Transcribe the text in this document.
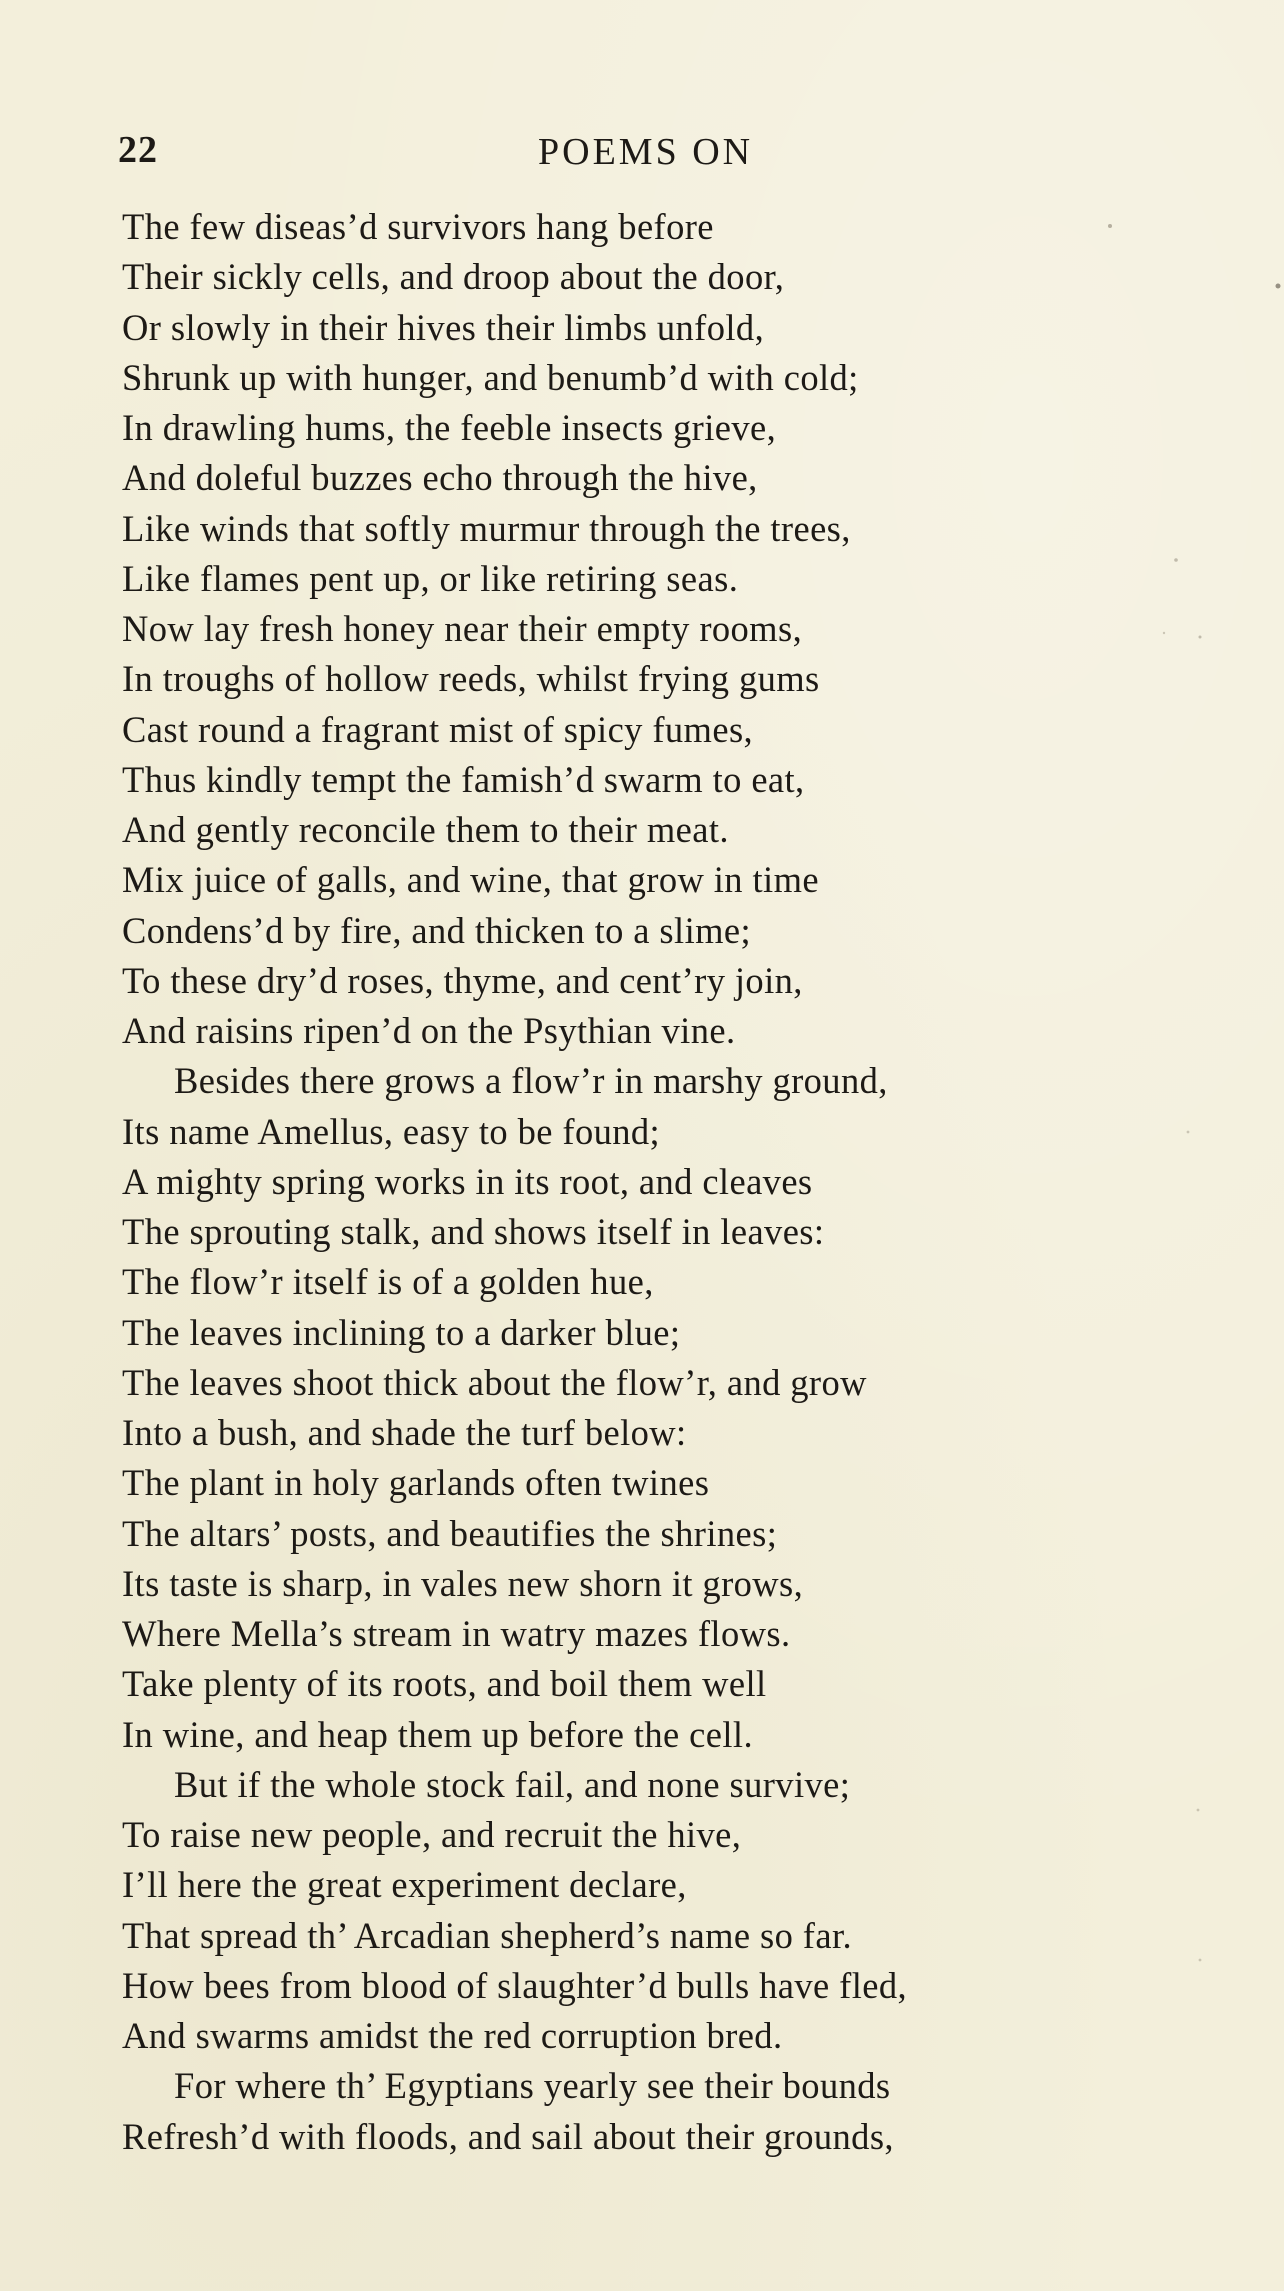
22	POEMS ON
The few diseas’d survivors hang before
Their sickly cells, and droop about the door,
Or slowly in their hives their limbs unfold,
Shrunk up with hunger, and benumb’d with cold;
In drawling hums, the feeble insects grieve,
And doleful buzzes echo through the hive,
Like winds that softly murmur through the trees,
Like flames pent up, or like retiring seas.
Now lay fresh honey near their empty rooms,
In troughs of hollow reeds, whilst frying gums
Cast round a fragrant mist of spicy fumes,
Thus kindly tempt the famish’d swarm to eat,
And gently reconcile them to their meat.
Mix juice of galls, and wine, that grow in time
Condens’d by fire, and thicken to a slime;
To these dry’d roses, thyme, and cent’ry join,
And raisins ripen’d on the Psythian vine.
Besides there grows a flow’r in marshy ground,
Its name Amellus, easy to be found;
A mighty spring works in its root, and cleaves
The sprouting stalk, and shows itself in leaves:
The flow’r itself is of a golden hue,
The leaves inclining to a darker blue;
The leaves shoot thick about the flow’r, and grow
Into a bush, and shade the turf below:
The plant in holy garlands often twines
The altars’ posts, and beautifies the shrines;
Its taste is sharp, in vales new shorn it grows,
Where Mella’s stream in watry mazes flows.
Take plenty of its roots, and boil them well
In wine, and heap them up before the cell.
But if the whole stock fail, and none survive;
To raise new people, and recruit the hive,
I’ll here the great experiment declare,
That spread th’ Arcadian shepherd’s name so far.
How bees from blood of slaughter’d bulls have fled,
And swarms amidst the red corruption bred.
For where th’ Egyptians yearly see their bounds
Refresh’d with floods, and sail about their grounds,
